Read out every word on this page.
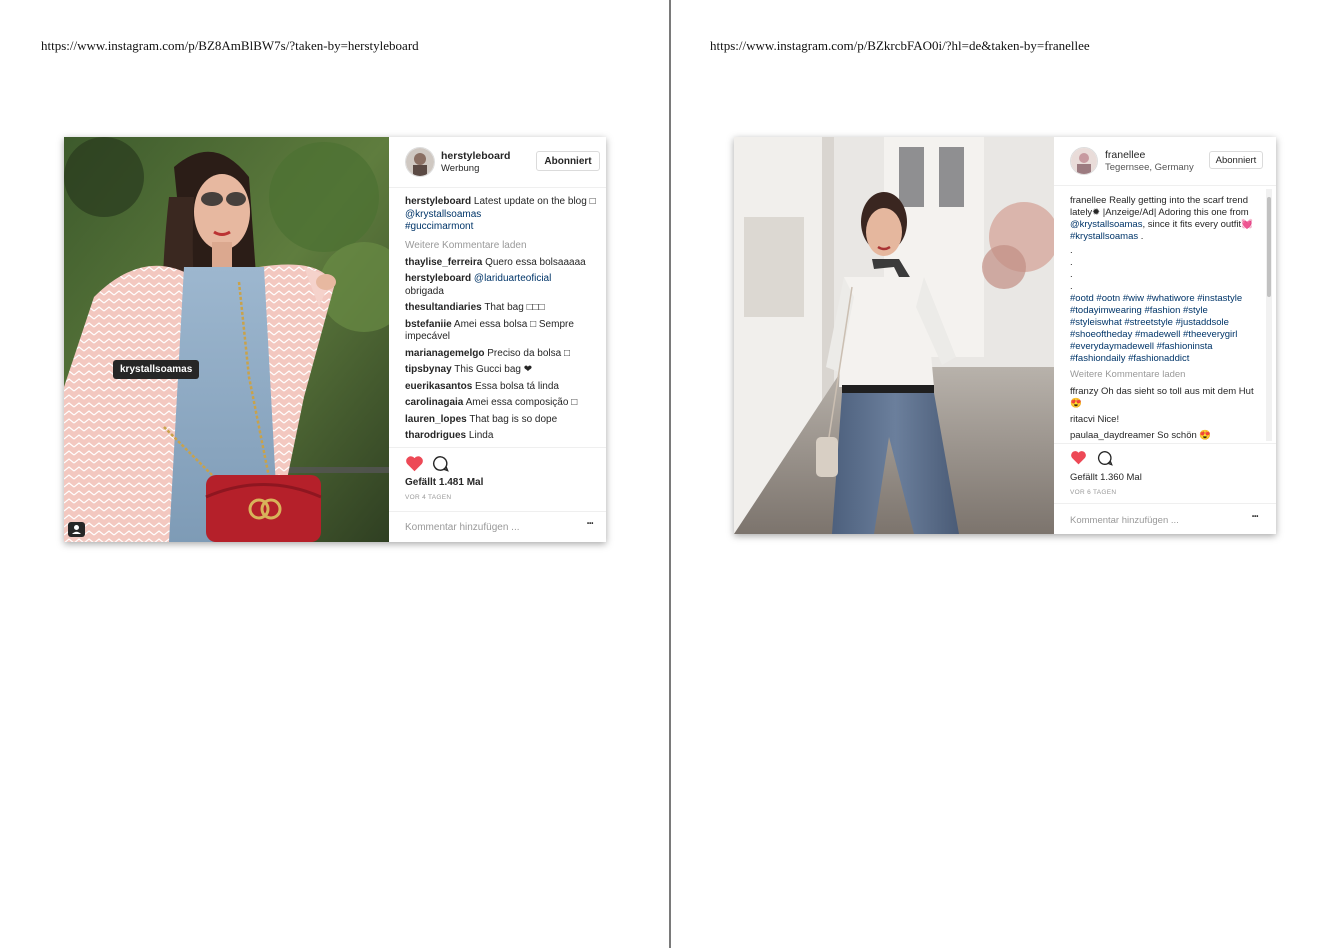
https://www.instagram.com/p/BZ8AmBlBW7s/?taken-by=herstyleboard
krystallsoamas
herstyleboard
Werbung
Abonniert
herstyleboard Latest update on the blog □ @krystallsoamas
#guccimarmont
Weitere Kommentare laden
thaylise_ferreira Quero essa bolsaaaaa
herstyleboard @lariduarteoficial
obrigada
thesultandiaries That bag □□□
bstefaniie Amei essa bolsa □ Sempre impecável
marianagemelgo Preciso da bolsa □
tipsbynay This Gucci bag ❤
euerikasantos Essa bolsa tá linda
carolinagaia Amei essa composição □
lauren_lopes That bag is so dope
tharodrigues Linda
Gefällt 1.481 Mal
VOR 4 TAGEN
Kommentar hinzufügen ...	•••
https://www.instagram.com/p/BZkrcbFAO0i/?hl=de&taken-by=franellee
franellee
Tegernsee, Germany
Abonniert
franellee Really getting into the scarf trend lately✹ |Anzeige/Ad| Adoring this one from @krystallsoamas, since it fits every outfit💓
#krystallsoamas .
.
.
.
.
#ootd #ootn #wiw #whatiwore #instastyle #todayimwearing #fashion #style #styleiswhat #streetstyle #justaddsole #shoeoftheday #madewell #theeverygirl #everydaymadewell #fashioninsta #fashiondaily #fashionaddict
Weitere Kommentare laden
ffranzy Oh das sieht so toll aus mit dem Hut 😍
ritacvi Nice!
paulaa_daydreamer So schön 😍
Gefällt 1.360 Mal
VOR 6 TAGEN
Kommentar hinzufügen ...	•••
